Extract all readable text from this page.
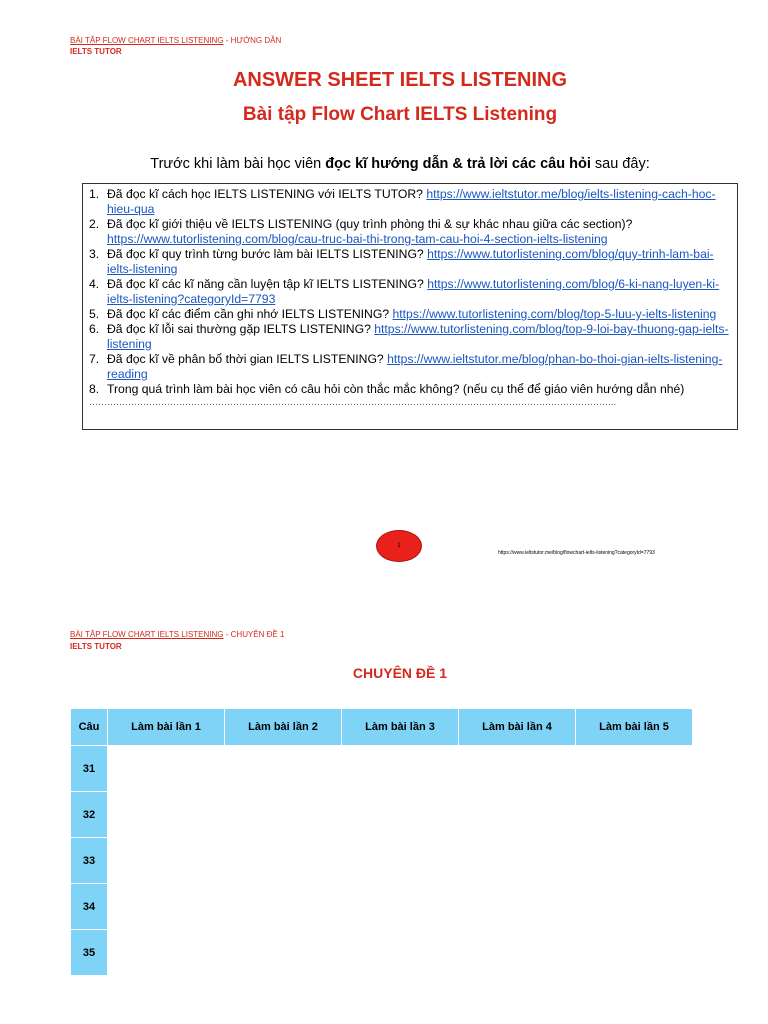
BÀI TẬP FLOW CHART IELTS LISTENING - HƯỚNG DẪN
IELTS TUTOR
ANSWER SHEET IELTS LISTENING
Bài tập Flow Chart IELTS Listening
Trước khi làm bài học viên đọc kĩ hướng dẫn & trả lời các câu hỏi sau đây:
1. Đã đọc kĩ cách học IELTS LISTENING với IELTS TUTOR? https://www.ieltstutor.me/blog/ielts-listening-cach-hoc-hieu-qua
2. Đã đọc kĩ giới thiệu về IELTS LISTENING (quy trình phòng thi & sự khác nhau giữa các section)? https://www.tutorlistening.com/blog/cau-truc-bai-thi-trong-tam-cau-hoi-4-section-ielts-listening
3. Đã đọc kĩ quy trình từng bước làm bài IELTS LISTENING? https://www.tutorlistening.com/blog/quy-trinh-lam-bai-ielts-listening
4. Đã đọc kĩ các kĩ năng cần luyện tập kĩ IELTS LISTENING? https://www.tutorlistening.com/blog/6-ki-nang-luyen-ki-ielts-listening?categoryId=7793
5. Đã đọc kĩ các điểm cần ghi nhớ IELTS LISTENING? https://www.tutorlistening.com/blog/top-5-luu-y-ielts-listening
6. Đã đọc kĩ lỗi sai thường gặp IELTS LISTENING? https://www.tutorlistening.com/blog/top-9-loi-bay-thuong-gap-ielts-listening
7. Đã đọc kĩ về phân bổ thời gian IELTS LISTENING? https://www.ieltstutor.me/blog/phan-bo-thoi-gian-ielts-listening-reading
8. Trong quá trình làm bài học viên có câu hỏi còn thắc mắc không? (nếu cụ thể để giáo viên hướng dẫn nhé)
…………………………………………………………………………………………………………………………………………………………..
1
https://www.ieltstutor.me/blog/flowchart-ielts-listening?categoryId=7793
BÀI TẬP FLOW CHART IELTS LISTENING - CHUYÊN ĐỀ 1
IELTS TUTOR
CHUYÊN ĐỀ 1
Câu	Làm bài lần 1	Làm bài lần 2	Làm bài lần 3	Làm bài lần 4	Làm bài lần 5
31					
32					
33					
34					
35					
